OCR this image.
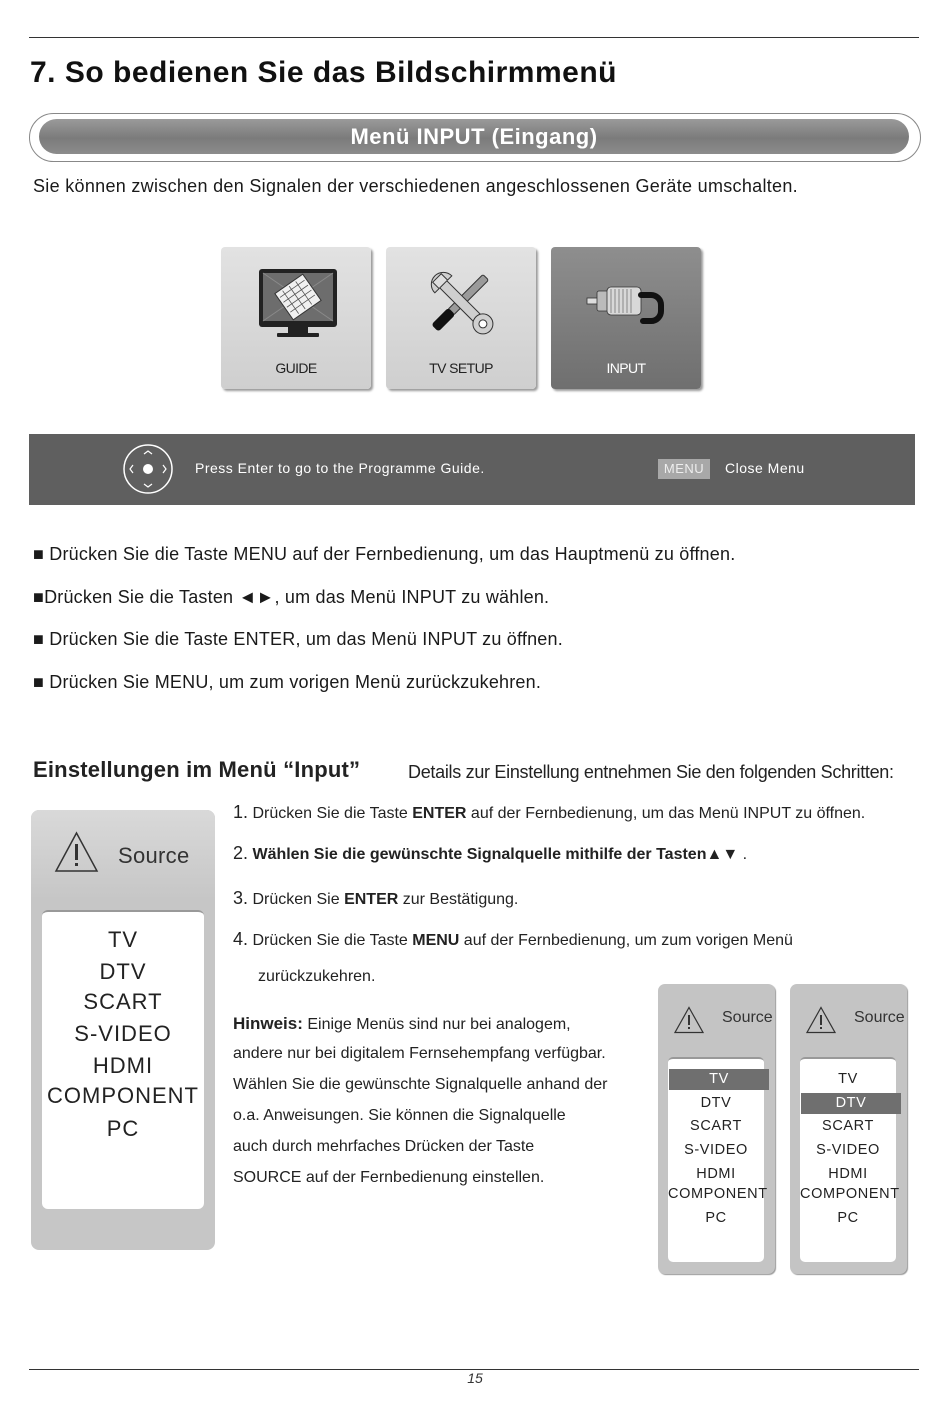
7. So bedienen Sie das Bildschirmmenü
Menü INPUT (Eingang)
Sie können zwischen den Signalen der verschiedenen angeschlossenen Geräte umschalten.
GUIDE	TV SETUP	INPUT
Press Enter to go to the Programme Guide.	MENU	Close Menu
■ Drücken Sie die Taste MENU auf der Fernbedienung, um das Hauptmenü zu öffnen.
■Drücken Sie die Tasten ◄►, um das Menü INPUT zu wählen.
■ Drücken Sie die Taste ENTER, um das Menü INPUT zu öffnen.
■ Drücken Sie MENU, um zum vorigen Menü zurückzukehren.
Einstellungen im Menü “Input”	Details zur Einstellung entnehmen Sie den folgenden Schritten:
Source
TV
DTV
SCART
S-VIDEO
HDMI
COMPONENT
PC
1. Drücken Sie die Taste ENTER auf der Fernbedienung, um das Menü INPUT zu öffnen.
2. Wählen Sie die gewünschte Signalquelle mithilfe der Tasten▲▼ .
3. Drücken Sie ENTER zur Bestätigung.
4. Drücken Sie die Taste MENU auf der Fernbedienung, um zum vorigen Menü
zurückzukehren.
Hinweis: Einige Menüs sind nur bei analogem,
andere nur bei digitalem Fernsehempfang verfügbar.
Wählen Sie die gewünschte Signalquelle anhand der
o.a. Anweisungen. Sie können die Signalquelle
auch durch mehrfaches Drücken der Taste
SOURCE auf der Fernbedienung einstellen.
Source
TV
DTV
SCART
S-VIDEO
HDMI
COMPONENT
PC
Source
TV
DTV
SCART
S-VIDEO
HDMI
COMPONENT
PC
15
